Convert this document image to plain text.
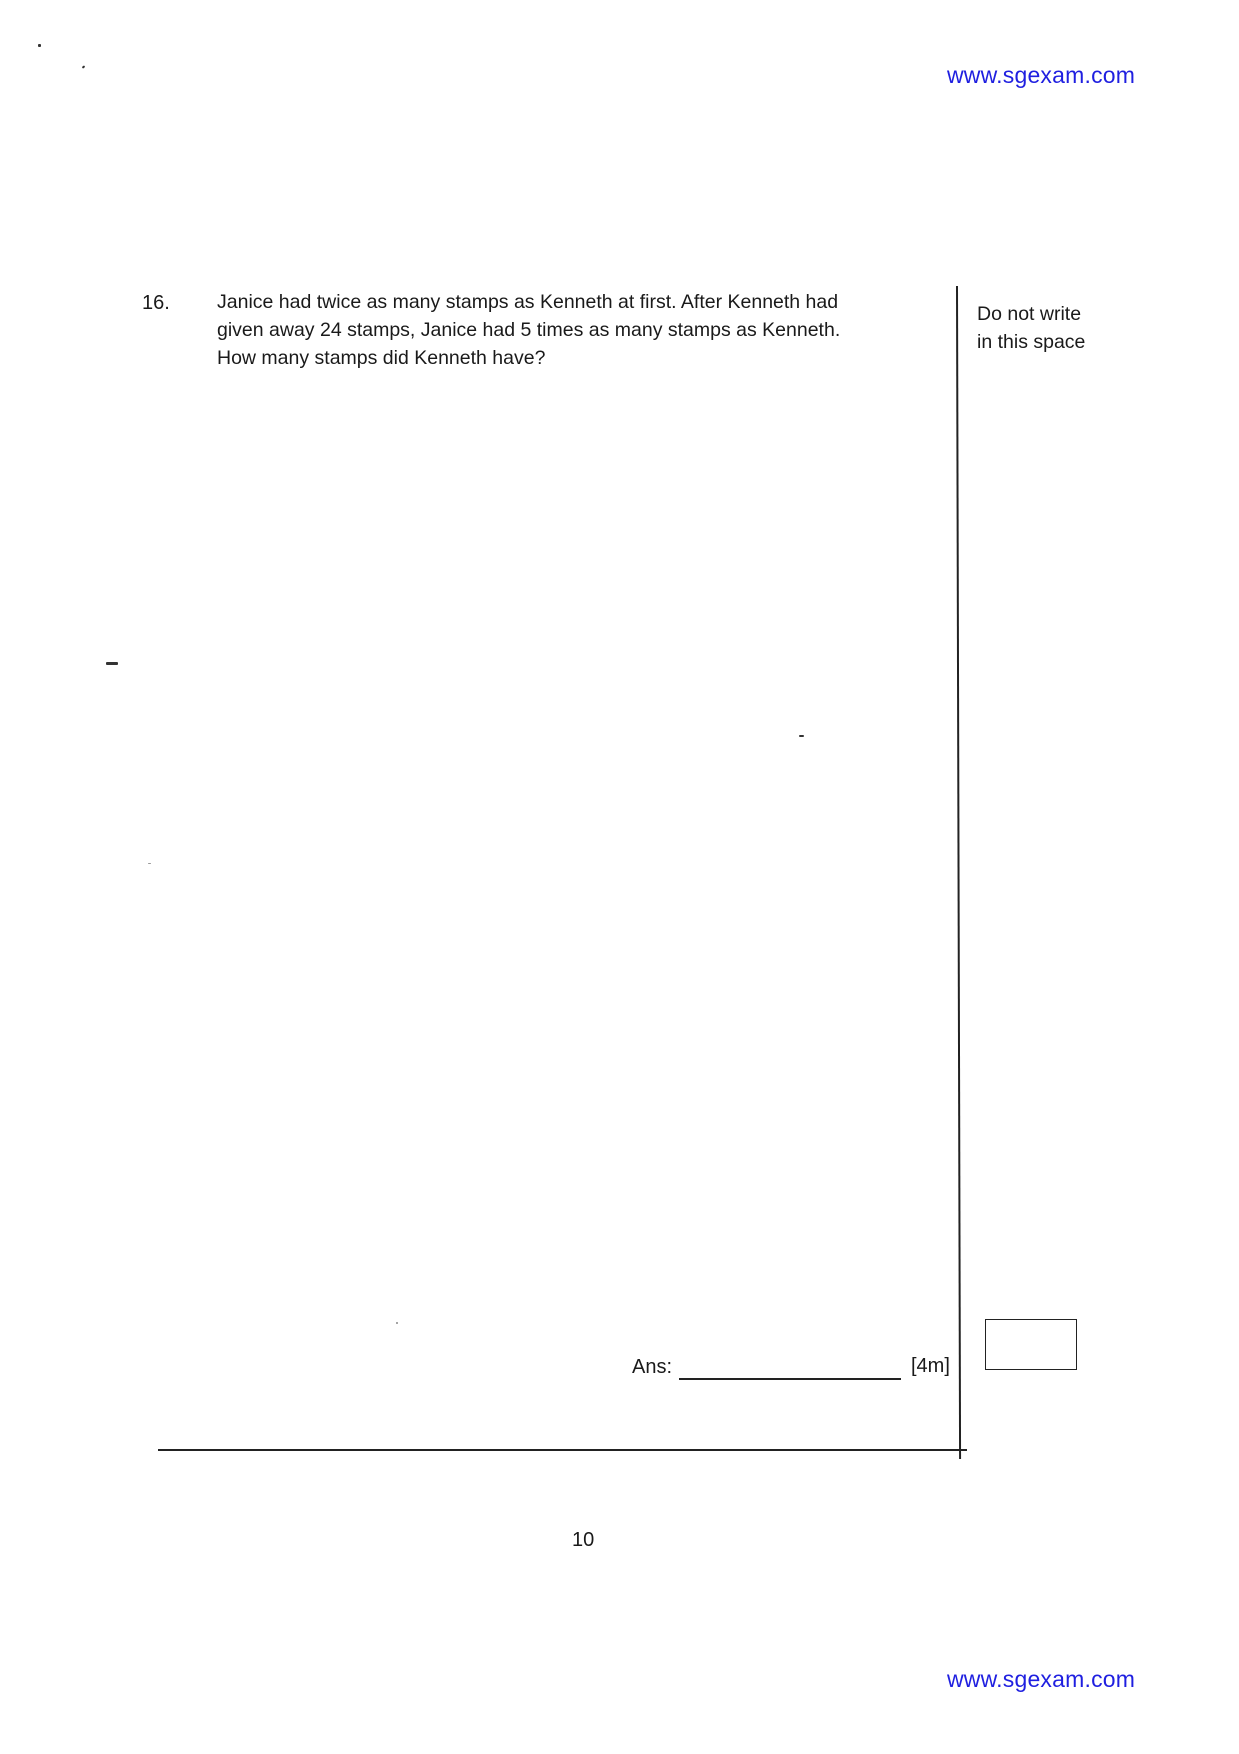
www.sgexam.com
16. Janice had twice as many stamps as Kenneth at first. After Kenneth had
given away 24 stamps, Janice had 5 times as many stamps as Kenneth.
How many stamps did Kenneth have?
Do not write
in this space
Ans:	[4m]
10
www.sgexam.com
